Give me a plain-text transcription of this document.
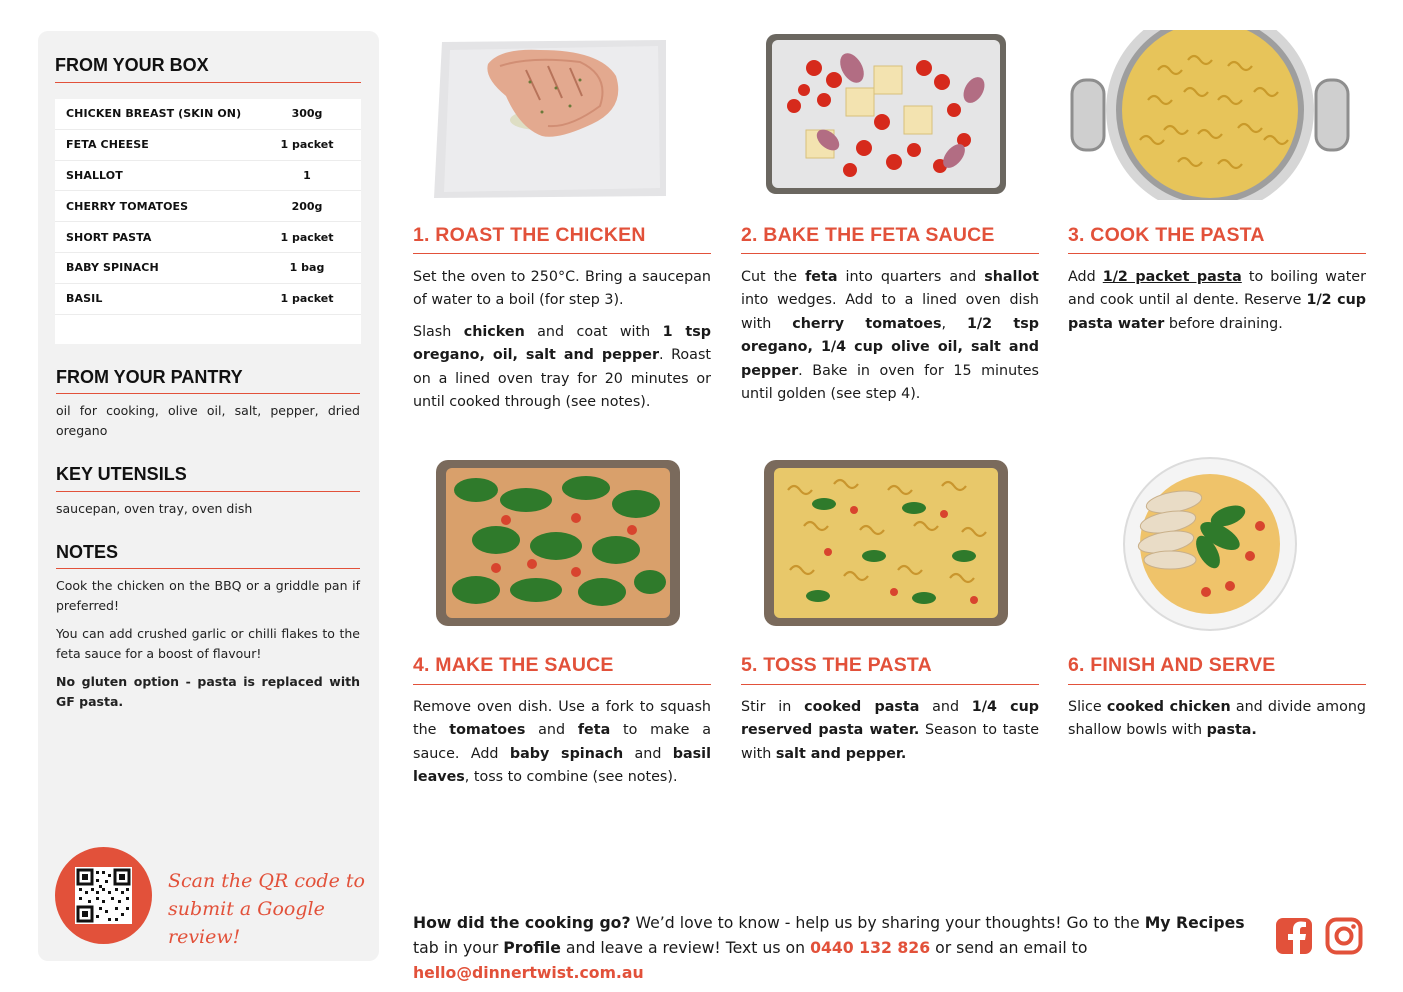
FROM YOUR BOX
CHICKEN BREAST (SKIN ON)	300g
FETA CHEESE	1 packet
SHALLOT	1
CHERRY TOMATOES	200g
SHORT PASTA	1 packet
BABY SPINACH	1 bag
BASIL	1 packet
FROM YOUR PANTRY
oil for cooking, olive oil, salt, pepper, dried oregano
KEY UTENSILS
saucepan, oven tray, oven dish
NOTES

Cook the chicken on the BBQ or a griddle pan if preferred!

You can add crushed garlic or chilli flakes to the feta sauce for a boost of flavour!

No gluten option - pasta is replaced with GF pasta.

Scan the QR code to
submit a Google review!
1. ROAST THE CHICKEN

Set the oven to 250°C. Bring a saucepan of water to a boil (for step 3).

Slash chicken and coat with 1 tsp oregano, oil, salt and pepper. Roast on a lined oven tray for 20 minutes or until cooked through (see notes).

2. BAKE THE FETA SAUCE

Cut the feta into quarters and shallot into wedges. Add to a lined oven dish with cherry tomatoes, 1/2 tsp oregano, 1/4 cup olive oil, salt and pepper. Bake in oven for 15 minutes until golden (see step 4).

3. COOK THE PASTA

Add 1/2 packet pasta to boiling water and cook until al dente. Reserve 1/2 cup pasta water before draining.

4. MAKE THE SAUCE

Remove oven dish. Use a fork to squash the tomatoes and feta to make a sauce. Add baby spinach and basil leaves, toss to combine (see notes).

5. TOSS THE PASTA

Stir in cooked pasta and 1/4 cup reserved pasta water. Season to taste with salt and pepper.

6. FINISH AND SERVE

Slice cooked chicken and divide among shallow bowls with pasta.

How did the cooking go? We’d love to know - help us by sharing your thoughts! Go to the My Recipes tab in your Profile and leave a review! Text us on 0440 132 826 or send an email to hello@dinnertwist.com.au
